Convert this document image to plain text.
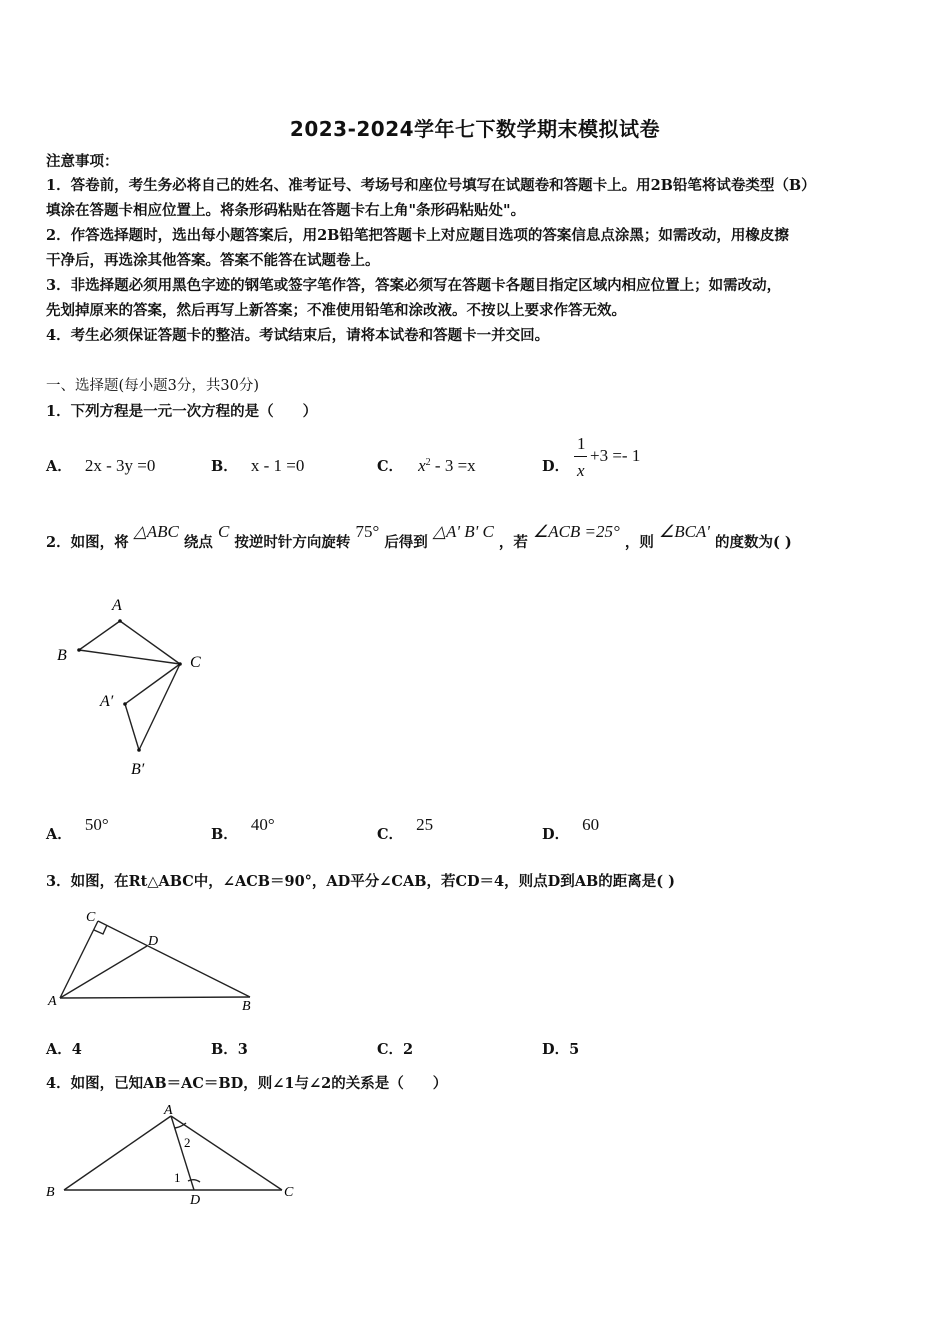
2023-2024学年七下数学期末模拟试卷
注意事项：
1．答卷前，考生务必将自己的姓名、准考证号、考场号和座位号填写在试题卷和答题卡上。用2B铅笔将试卷类型（B）
填涂在答题卡相应位置上。将条形码粘贴在答题卡右上角"条形码粘贴处"。
2．作答选择题时，选出每小题答案后，用2B铅笔把答题卡上对应题目选项的答案信息点涂黑；如需改动，用橡皮擦
干净后，再选涂其他答案。答案不能答在试题卷上。
3．非选择题必须用黑色字迹的钢笔或签字笔作答，答案必须写在答题卡各题目指定区域内相应位置上；如需改动，
先划掉原来的答案，然后再写上新答案；不准使用铅笔和涂改液。不按以上要求作答无效。
4．考生必须保证答题卡的整洁。考试结束后，请将本试卷和答题卡一并交回。
一、选择题(每小题3分，共30分)
1．下列方程是一元一次方程的是（　　）
A． 2x - 3y =0	B． x - 1 =0	C． $x^2 - 3 =x$	D．
1
x
+3 =- 1
2．如图，将 △ABC 绕点 C 按逆时针方向旋转 75° 后得到 △A' B' C ，若 ∠ACB =25° ，则 ∠BCA' 的度数为( )
A
B	C
A′
B′
A． 50°
B． 40°
C． 25
D． 60
3．如图，在Rt△ABC中，∠ACB＝90°，AD平分∠CAB，若CD＝4，则点D到AB的距离是( )
C
D
A	B
A．4	B．3	C．2	D．5
4．如图，已知AB＝AC＝BD，则∠1与∠2的关系是（　　）
A
B	C
D
1
2
